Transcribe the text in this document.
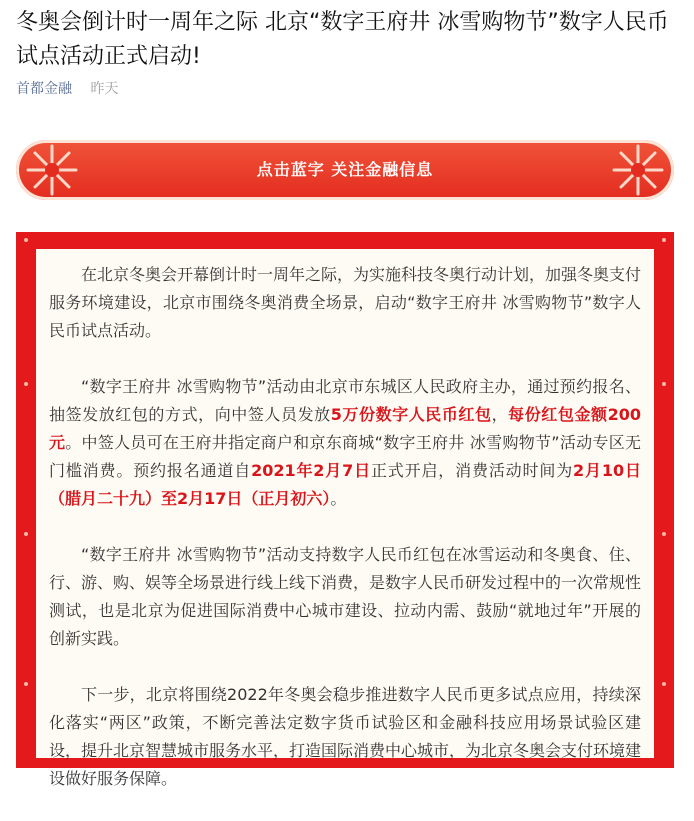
冬奥会倒计时一周年之际 北京“数字王府井 冰雪购物节”数字人民币试点活动正式启动!
首都金融 昨天
点击蓝字 关注金融信息

在北京冬奥会开幕倒计时一周年之际，为实施科技冬奥行动计划，加强冬奥支付服务环境建设，北京市围绕冬奥消费全场景，启动“数字王府井 冰雪购物节”数字人民币试点活动。

“数字王府井 冰雪购物节”活动由北京市东城区人民政府主办，通过预约报名、抽签发放红包的方式，向中签人员发放5万份数字人民币红包，每份红包金额200元。中签人员可在王府井指定商户和京东商城“数字王府井 冰雪购物节”活动专区无门槛消费。预约报名通道自2021年2月7日正式开启，消费活动时间为2月10日（腊月二十九）至2月17日（正月初六）。

“数字王府井 冰雪购物节”活动支持数字人民币红包在冰雪运动和冬奥食、住、行、游、购、娱等全场景进行线上线下消费，是数字人民币研发过程中的一次常规性测试，也是北京为促进国际消费中心城市建设、拉动内需、鼓励“就地过年”开展的创新实践。

下一步，北京将围绕2022年冬奥会稳步推进数字人民币更多试点应用，持续深化落实“两区”政策，不断完善法定数字货币试验区和金融科技应用场景试验区建设，提升北京智慧城市服务水平，打造国际消费中心城市，为北京冬奥会支付环境建设做好服务保障。
